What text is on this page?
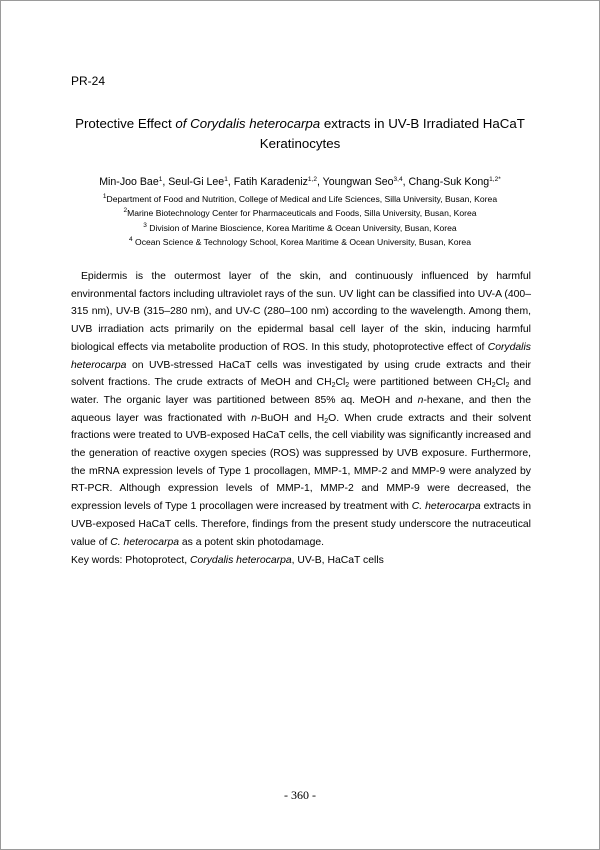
PR-24
Protective Effect of Corydalis heterocarpa extracts in UV-B Irradiated HaCaT
Keratinocytes
Min-Joo Bae$^1$, Seul-Gi Lee$^1$, Fatih Karadeniz$^{1,2}$, Youngwan Seo$^{3,4}$, Chang-Suk Kong$^{1,2*}$
$^1$Department of Food and Nutrition, College of Medical and Life Sciences, Silla University, Busan, Korea
$^2$Marine Biotechnology Center for Pharmaceuticals and Foods, Silla University, Busan, Korea
$^3$ Division of Marine Bioscience, Korea Maritime & Ocean University, Busan, Korea
$^4$ Ocean Science & Technology School, Korea Maritime & Ocean University, Busan, Korea

Epidermis is the outermost layer of the skin, and continuously influenced by harmful environmental factors including ultraviolet rays of the sun. UV light can be classified into UV-A (400–315 nm), UV-B (315–280 nm), and UV-C (280–100 nm) according to the wavelength. Among them, UVB irradiation acts primarily on the epidermal basal cell layer of the skin, inducing harmful biological effects via metabolite production of ROS. In this study, photoprotective effect of Corydalis heterocarpa on UVB-stressed HaCaT cells was investigated by using crude extracts and their solvent fractions. The crude extracts of MeOH and $CH_2Cl_2$ were partitioned between $CH_2Cl_2$ and water. The organic layer was partitioned between 85% aq. MeOH and n-hexane, and then the aqueous layer was fractionated with n-BuOH and $H_2O$. When crude extracts and their solvent fractions were treated to UVB-exposed HaCaT cells, the cell viability was significantly increased and the generation of reactive oxygen species (ROS) was suppressed by UVB exposure. Furthermore, the mRNA expression levels of Type 1 procollagen, MMP-1, MMP-2 and MMP-9 were analyzed by RT-PCR. Although expression levels of MMP-1, MMP-2 and MMP-9 were decreased, the expression levels of Type 1 procollagen were increased by treatment with C. heterocarpa extracts in UVB-exposed HaCaT cells. Therefore, findings from the present study underscore the nutraceutical value of C. heterocarpa as a potent skin photodamage.

Key words: Photoprotect, Corydalis heterocarpa, UV-B, HaCaT cells
- 360 -
